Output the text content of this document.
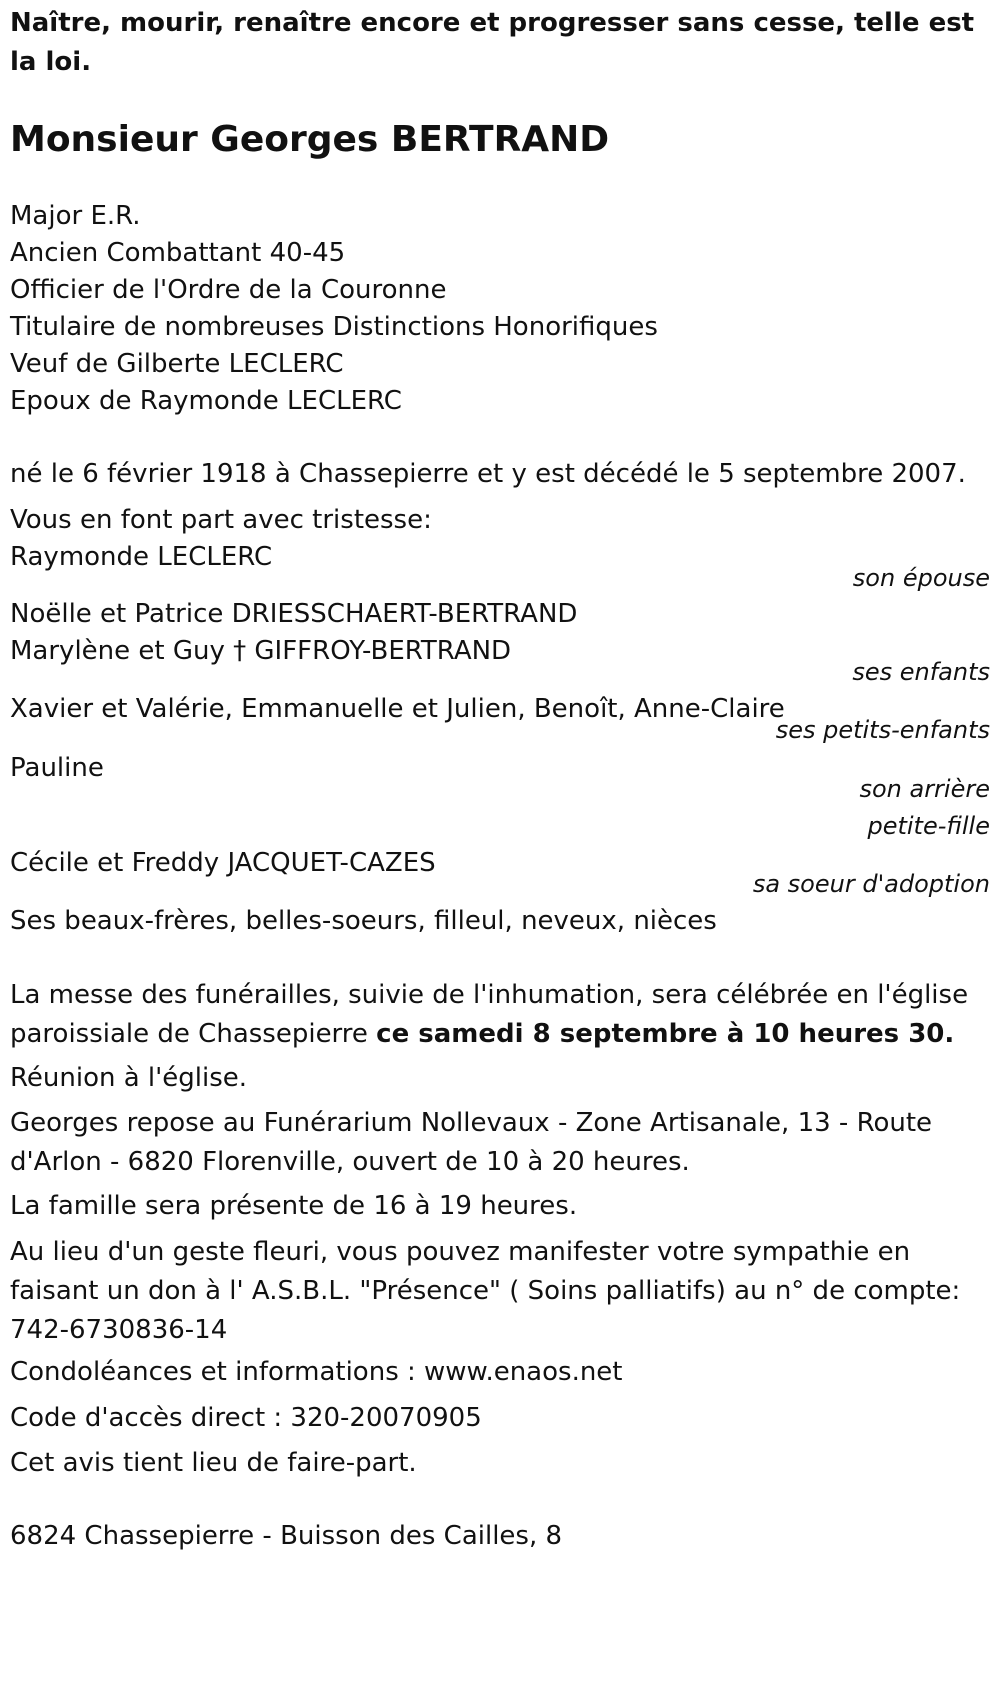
Naître, mourir, renaître encore et progresser sans cesse, telle est la loi.
Monsieur Georges BERTRAND
Major E.R.
Ancien Combattant 40-45
Officier de l'Ordre de la Couronne
Titulaire de nombreuses Distinctions Honorifiques
Veuf de Gilberte LECLERC
Epoux de Raymonde LECLERC
né le 6 février 1918 à Chassepierre et y est décédé le 5 septembre 2007.
Vous en font part avec tristesse:
Raymonde LECLERC
son épouse
Noëlle et Patrice DRIESSCHAERT-BERTRAND
Marylène et Guy † GIFFROY-BERTRAND
ses enfants
Xavier et Valérie, Emmanuelle et Julien, Benoît, Anne-Claire
ses petits-enfants
Pauline
son arrière
petite-fille
Cécile et Freddy JACQUET-CAZES
sa soeur d'adoption
Ses beaux-frères, belles-soeurs, filleul, neveux, nièces
La messe des funérailles, suivie de l'inhumation, sera célébrée en l'église paroissiale de Chassepierre ce samedi 8 septembre à 10 heures 30.
Réunion à l'église.
Georges repose au Funérarium Nollevaux - Zone Artisanale, 13 - Route d'Arlon - 6820 Florenville, ouvert de 10 à 20 heures.
La famille sera présente de 16 à 19 heures.
Au lieu d'un geste fleuri, vous pouvez manifester votre sympathie en faisant un don à l' A.S.B.L. "Présence" ( Soins palliatifs) au n° de compte: 742-6730836-14
Condoléances et informations : www.enaos.net
Code d'accès direct : 320-20070905
Cet avis tient lieu de faire-part.
6824 Chassepierre - Buisson des Cailles, 8
